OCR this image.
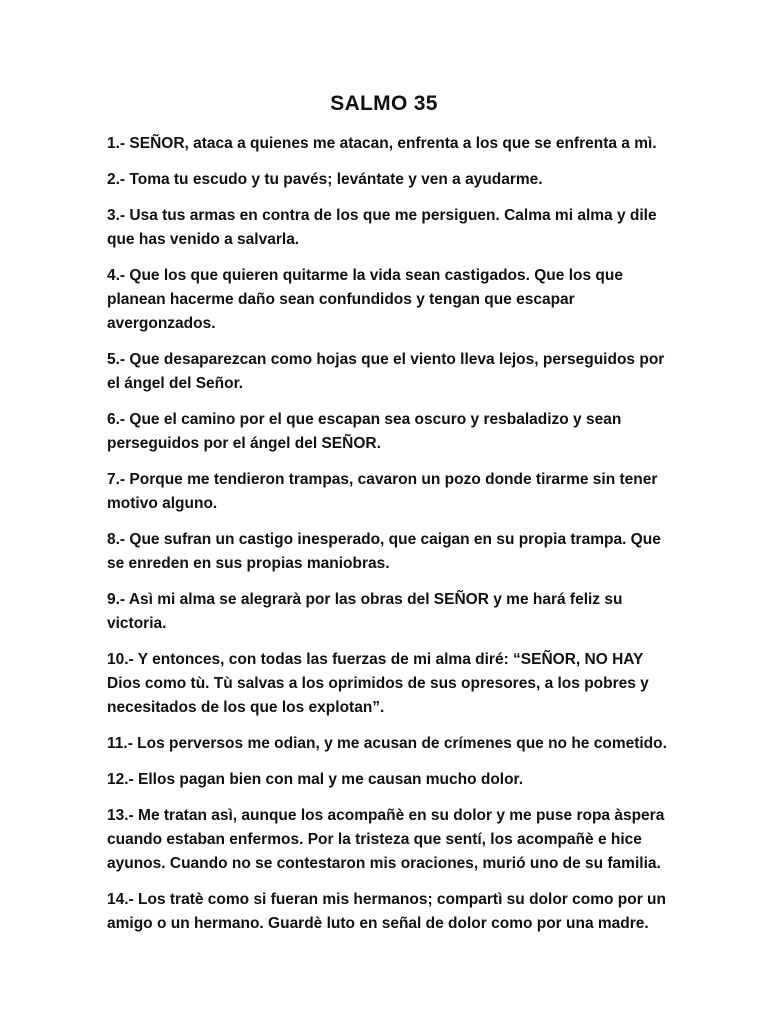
SALMO 35

1.- SEÑOR, ataca a quienes me atacan, enfrenta a los que se enfrenta a mì.

2.- Toma tu escudo y tu pavés; levántate y ven a ayudarme.

3.- Usa tus armas en contra de los que me persiguen. Calma mi alma y dile que has venido a salvarla.

4.- Que los que quieren quitarme la vida sean castigados. Que los que planean hacerme daño sean confundidos y tengan que escapar avergonzados.

5.- Que desaparezcan como hojas que el viento lleva lejos, perseguidos por el ángel del Señor.

6.- Que el camino por el que escapan sea oscuro y resbaladizo y sean perseguidos por el ángel del SEÑOR.

7.- Porque me tendieron trampas, cavaron un pozo donde tirarme sin tener motivo alguno.

8.- Que sufran un castigo inesperado, que caigan en su propia trampa. Que se enreden en sus propias maniobras.

9.- Asì mi alma se alegrarà por las obras del SEÑOR y me hará feliz su victoria.

10.- Y entonces, con todas las fuerzas de mi alma diré: “SEÑOR, NO HAY Dios como tù. Tù salvas a los oprimidos de sus opresores, a los pobres y necesitados de los que los explotan”.

11.- Los perversos me odian, y me acusan de crímenes que no he cometido.

12.- Ellos pagan bien con mal y me causan mucho dolor.

13.- Me tratan asì, aunque los acompañè en su dolor y me puse ropa àspera cuando estaban enfermos. Por la tristeza que sentí, los acompañè e hice ayunos. Cuando no se contestaron mis oraciones, murió uno de su familia.

14.- Los tratè como si fueran mis hermanos; compartì su dolor como por un amigo o un hermano. Guardè luto en señal de dolor como por una madre.
